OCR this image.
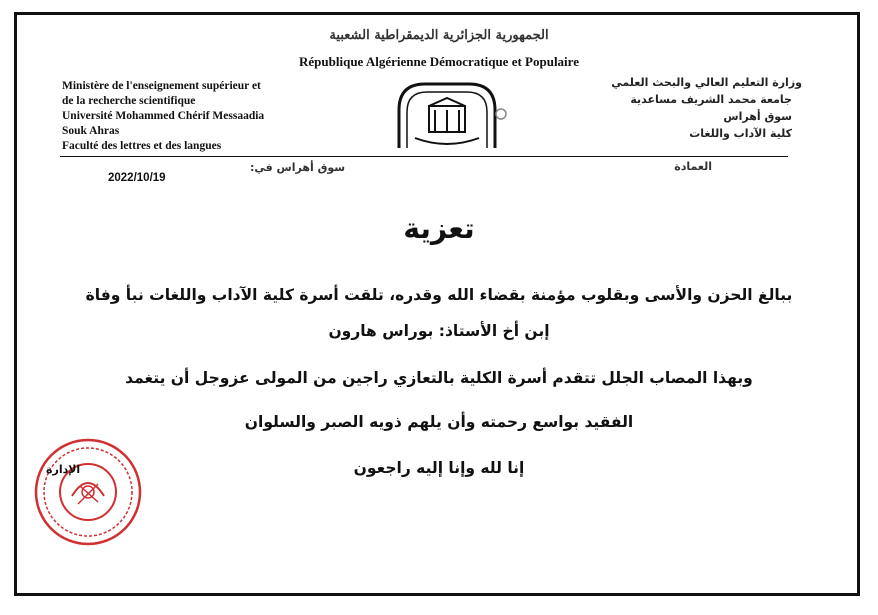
الجمهورية الجزائرية الديمقراطية الشعبية
République Algérienne Démocratique et Populaire
Ministère de l'enseignement supérieur et
de la recherche scientifique
Université Mohammed Chérif Messaadia
Souk Ahras
Faculté des lettres et des langues
وزارة التعليم العالي والبحث العلمي
جامعة محمد الشريف مساعدية
سوق أهراس
كلية الآداب واللغات
2022/10/19
سوق أهراس في:	العمادة
تعزية
ببالغ الحزن والأسى وبقلوب مؤمنة بقضاء الله وقدره، تلقت أسرة كلية الآداب واللغات نبأ وفاة
إبن أخ الأستاذ: بوراس هارون
وبهذا المصاب الجلل تتقدم أسرة الكلية بالتعازي راجين من المولى عزوجل أن يتغمد
الفقيد بواسع رحمته وأن يلهم ذويه الصبر والسلوان
إنا لله وإنا إليه راجعون
الإدارة
